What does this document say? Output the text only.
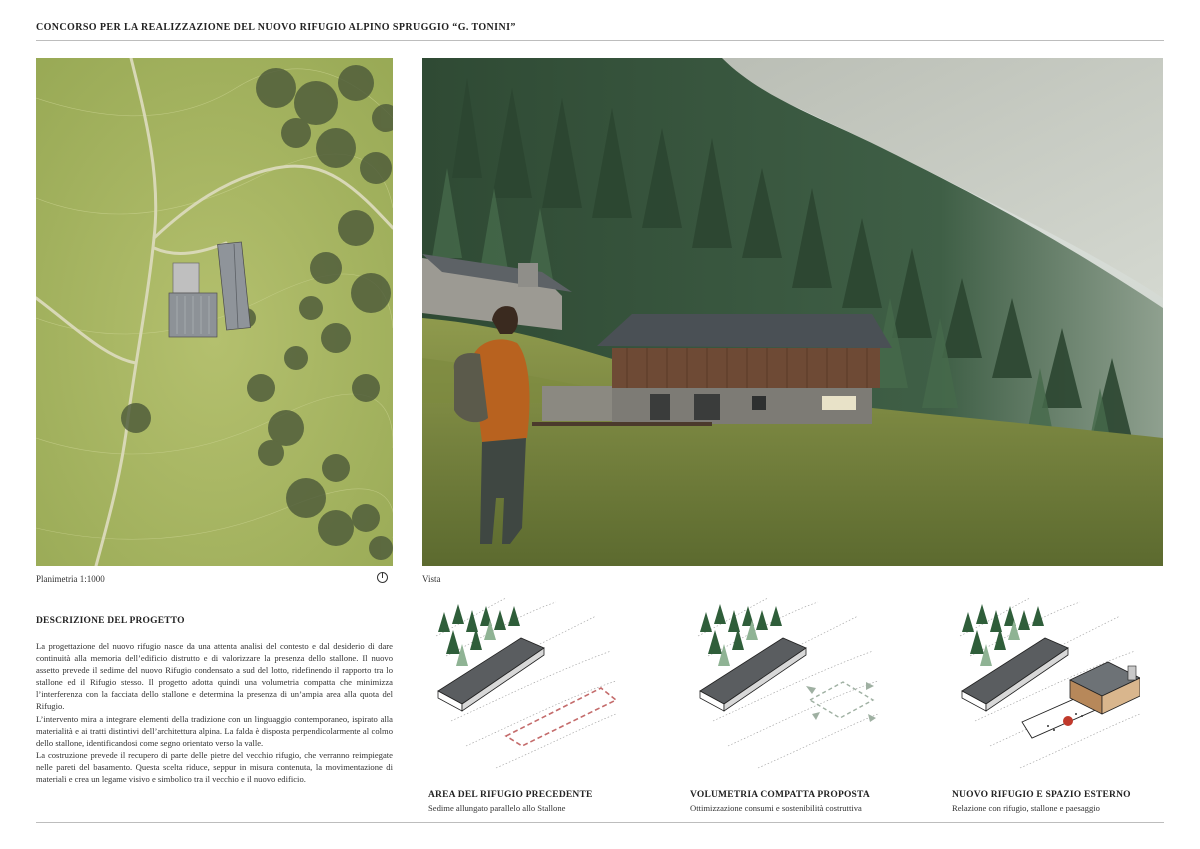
CONCORSO PER LA REALIZZAZIONE DEL NUOVO RIFUGIO ALPINO SPRUGGIO “G. TONINI”
Planimetria 1:1000	Vista
DESCRIZIONE DEL PROGETTO

La progettazione del nuovo rifugio nasce da una attenta analisi del contesto e dal desiderio di dare continuità alla memoria dell’edificio distrutto e di valorizzare la presenza dello stallone. Il nuovo assetto prevede il sedime del nuovo Rifugio condensato a sud del lotto, ridefinendo il rapporto tra lo stallone ed il Rifugio stesso. Il progetto adotta quindi una volumetria compatta che minimizza l’interferenza con la facciata dello stallone e determina la presenza di un’ampia area alla quota del Rifugio.

L’intervento mira a integrare elementi della tradizione con un linguaggio contemporaneo, ispirato alla materialità e ai tratti distintivi dell’architettura alpina. La falda è disposta perpendicolarmente al colmo dello stallone, identificandosi come segno orientato verso la valle.

La costruzione prevede il recupero di parte delle pietre del vecchio rifugio, che verranno reimpiegate nelle pareti del basamento. Questa scelta riduce, seppur in misura contenuta, la movimentazione di materiali e crea un legame visivo e simbolico tra il vecchio e il nuovo edificio.

AREA DEL RIFUGIO PRECEDENTE
Sedime allungato parallelo allo Stallone
VOLUMETRIA COMPATTA PROPOSTA
Ottimizzazione consumi e sostenibilità costruttiva
NUOVO RIFUGIO E SPAZIO ESTERNO
Relazione con rifugio, stallone e paesaggio
